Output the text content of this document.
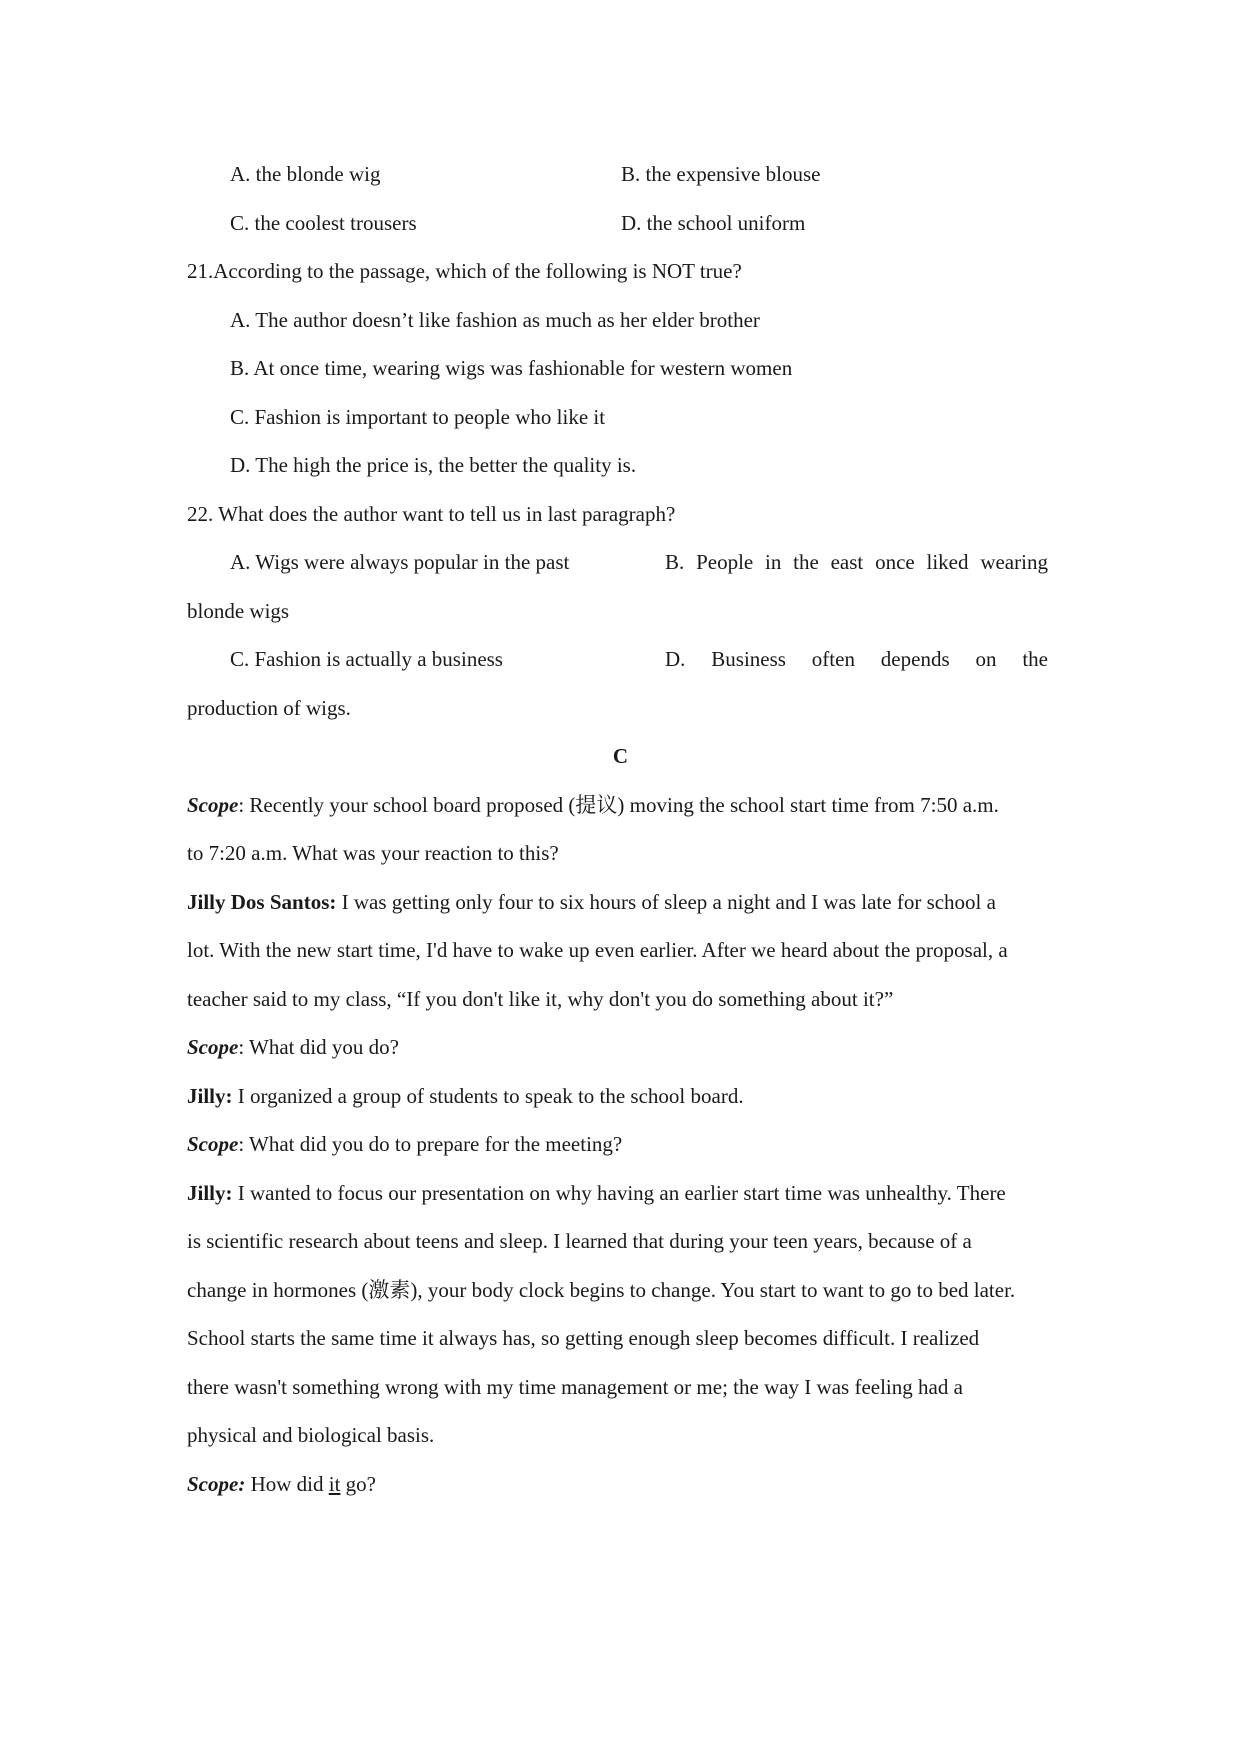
A. the blonde wig	B. the expensive blouse
C. the coolest trousers	D. the school uniform
21.According to the passage, which of the following is NOT true?
A. The author doesn’t like fashion as much as her elder brother
B. At once time, wearing wigs was fashionable for western women
C. Fashion is important to people who like it
D. The high the price is, the better the quality is.
22. What does the author want to tell us in last paragraph?
A. Wigs were always popular in the past	B. People in the east once liked wearing
blonde wigs
C. Fashion is actually a business	D. Business often depends on the
production of wigs.
C
Scope: Recently your school board proposed (提议) moving the school start time from 7:50 a.m.
to 7:20 a.m. What was your reaction to this?
Jilly Dos Santos: I was getting only four to six hours of sleep a night and I was late for school a
lot. With the new start time, I'd have to wake up even earlier. After we heard about the proposal, a
teacher said to my class, “If you don't like it, why don't you do something about it?”
Scope: What did you do?
Jilly: I organized a group of students to speak to the school board.
Scope: What did you do to prepare for the meeting?
Jilly: I wanted to focus our presentation on why having an earlier start time was unhealthy. There
is scientific research about teens and sleep. I learned that during your teen years, because of a
change in hormones (激素), your body clock begins to change. You start to want to go to bed later.
School starts the same time it always has, so getting enough sleep becomes difficult. I realized
there wasn't something wrong with my time management or me; the way I was feeling had a
physical and biological basis.
Scope: How did it go?
